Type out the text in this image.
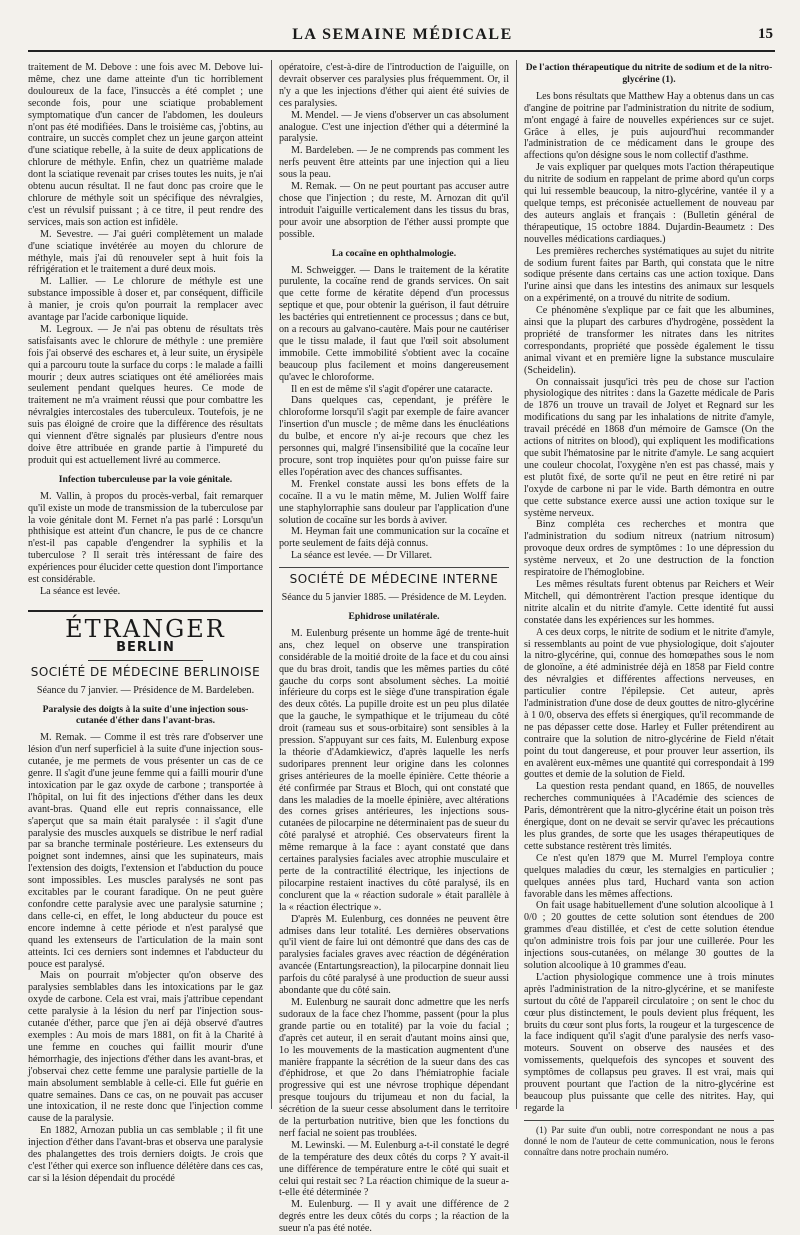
LA SEMAINE MÉDICALE	15

traitement de M. Debove : une fois avec M. Debove lui-même, chez une dame atteinte d'un tic horriblement douloureux de la face, l'insuccès a été complet ; une seconde fois, pour une sciatique probablement symptomatique d'un cancer de l'abdomen, les douleurs n'ont pas été modifiées. Dans le troisième cas, j'obtins, au contraire, un succès complet chez un jeune garçon atteint d'une sciatique rebelle, à la suite de deux applications de chlorure de méthyle. Enfin, chez un quatrième malade dont la sciatique revenait par crises toutes les nuits, je n'ai obtenu aucun résultat. Il ne faut donc pas croire que le chlorure de méthyle soit un spécifique des névralgies, c'est un révulsif puissant ; à ce titre, il peut rendre des services, mais son action est infidèle.

M. Sevestre. — J'ai guéri complètement un malade d'une sciatique invétérée au moyen du chlorure de méthyle, mais j'ai dû renouveler sept à huit fois la réfrigération et le traitement a duré deux mois.

M. Lallier. — Le chlorure de méthyle est une substance impossible à doser et, par conséquent, difficile à manier, je crois qu'on pourrait la remplacer avec avantage par l'acide carbonique liquide.

M. Legroux. — Je n'ai pas obtenu de résultats très satisfaisants avec le chlorure de méthyle : une première fois j'ai observé des eschares et, à leur suite, un érysipèle qui a parcouru toute la surface du corps : le malade a failli mourir ; deux autres sciatiques ont été améliorées mais seulement pendant quelques heures. Ce mode de traitement ne m'a vraiment réussi que pour combattre les névralgies intercostales des tuberculeux. Toutefois, je ne suis pas éloigné de croire que la différence des résultats qui viennent d'être signalés par plusieurs d'entre nous doive être attribuée en grande partie à l'impureté du produit qui est actuellement livré au commerce.

Infection tuberculeuse par la voie génitale.

M. Vallin, à propos du procès-verbal, fait remarquer qu'il existe un mode de transmission de la tuberculose par la voie génitale dont M. Fernet n'a pas parlé : Lorsqu'un phthisique est atteint d'un chancre, le pus de ce chancre n'est-il pas capable d'engendrer la syphilis et la tuberculose ? Il serait très intéressant de faire des expériences pour élucider cette question dont l'importance est considérable.

La séance est levée.

ÉTRANGER
BERLIN
SOCIÉTÉ DE MÉDECINE BERLINOISE

Séance du 7 janvier. — Présidence de M. Bardeleben.

Paralysie des doigts à la suite d'une injection sous-cutanée d'éther dans l'avant-bras.

M. Remak. — Comme il est très rare d'observer une lésion d'un nerf superficiel à la suite d'une injection sous-cutanée, je me permets de vous présenter un cas de ce genre. Il s'agit d'une jeune femme qui a failli mourir d'une intoxication par le gaz oxyde de carbone ; transportée à l'hôpital, on lui fit des injections d'éther dans les deux avant-bras. Quand elle eut repris connaissance, elle s'aperçut que sa main était paralysée : il s'agit d'une paralysie des muscles auxquels se distribue le nerf radial par sa branche terminale postérieure. Les extenseurs du poignet sont indemnes, ainsi que les supinateurs, mais l'extension des doigts, l'extension et l'abduction du pouce sont impossibles. Les muscles paralysés ne sont pas excitables par le courant faradique. On ne peut guère confondre cette paralysie avec une paralysie saturnine ; dans celle-ci, en effet, le long abducteur du pouce est encore indemne à cette période et n'est paralysé que quand les extenseurs de l'articulation de la main sont atteints. Ici ces derniers sont indemnes et l'abducteur du pouce est paralysé.

Mais on pourrait m'objecter qu'on observe des paralysies semblables dans les intoxications par le gaz oxyde de carbone. Cela est vrai, mais j'attribue cependant cette paralysie à la lésion du nerf par l'injection sous-cutanée d'éther, parce que j'en ai déjà observé d'autres exemples : Au mois de mars 1881, on fit à la Charité à une femme en couches qui faillit mourir d'une hémorrhagie, des injections d'éther dans les avant-bras, et j'observai chez cette femme une paralysie partielle de la main absolument semblable à celle-ci. Elle fut guérie en quatre semaines. Dans ce cas, on ne pouvait pas accuser une intoxication, il ne reste donc que l'injection comme cause de la paralysie.

En 1882, Arnozan publia un cas semblable ; il fit une injection d'éther dans l'avant-bras et observa une paralysie des phalangettes des trois derniers doigts. Je crois que c'est l'éther qui exerce son influence délétère dans ces cas, car si la lésion dépendait du procédé

opératoire, c'est-à-dire de l'introduction de l'aiguille, on devrait observer ces paralysies plus fréquemment. Or, il n'y a que les injections d'éther qui aient été suivies de ces paralysies.

M. Mendel. — Je viens d'observer un cas absolument analogue. C'est une injection d'éther qui a déterminé la paralysie.

M. Bardeleben. — Je ne comprends pas comment les nerfs peuvent être atteints par une injection qui a lieu sous la peau.

M. Remak. — On ne peut pourtant pas accuser autre chose que l'injection ; du reste, M. Arnozan dit qu'il introduit l'aiguille verticalement dans les tissus du bras, pour avoir une absorption de l'éther aussi prompte que possible.

La cocaïne en ophthalmologie.

M. Schweigger. — Dans le traitement de la kératite purulente, la cocaïne rend de grands services. On sait que cette forme de kératite dépend d'un processus septique et que, pour obtenir la guérison, il faut détruire les bactéries qui entretiennent ce processus ; dans ce but, on a recours au galvano-cautère. Mais pour ne cautériser que le tissu malade, il faut que l'œil soit absolument immobile. Cette immobilité s'obtient avec la cocaïne beaucoup plus facilement et moins dangereusement qu'avec le chloroforme.

Il en est de même s'il s'agit d'opérer une cataracte.

Dans quelques cas, cependant, je préfère le chloroforme lorsqu'il s'agit par exemple de faire avancer l'insertion d'un muscle ; de même dans les énucléations du bulbe, et encore n'y ai-je recours que chez les personnes qui, malgré l'insensibilité que la cocaïne leur procure, sont trop inquiètes pour qu'on puisse faire sur elles l'opération avec des chances suffisantes.

M. Frenkel constate aussi les bons effets de la cocaïne. Il a vu le matin même, M. Julien Wolff faire une staphylorraphie sans douleur par l'application d'une solution de cocaïne sur les bords à aviver.

M. Heyman fait une communication sur la cocaïne et porte seulement de faits déjà connus.

La séance est levée. — Dr Villaret.

SOCIÉTÉ DE MÉDECINE INTERNE

Séance du 5 janvier 1885. — Présidence de M. Leyden.

Ephidrose unilatérale.

M. Eulenburg présente un homme âgé de trente-huit ans, chez lequel on observe une transpiration considérable de la moitié droite de la face et du cou ainsi que du bras droit, tandis que les mêmes parties du côté gauche du corps sont absolument sèches. La moitié inférieure du corps est le siège d'une transpiration égale des deux côtés. La pupille droite est un peu plus dilatée que la gauche, le sympathique et le trijumeau du côté droit (rameau sus et sous-orbitaire) sont sensibles à la pression. S'appuyant sur ces faits, M. Eulenburg expose la théorie d'Adamkiewicz, d'après laquelle les nerfs sudoripares prennent leur origine dans les colonnes grises antérieures de la moelle épinière. Cette théorie a été confirmée par Straus et Bloch, qui ont constaté que dans les maladies de la moelle épinière, avec altérations des cornes grises antérieures, les injections sous-cutanées de pilocarpine ne déterminaient pas de sueur du côté paralysé et atrophié. Ces observateurs firent la même remarque à la face : ayant constaté que dans certaines paralysies faciales avec atrophie musculaire et perte de la contractilité électrique, les injections de pilocarpine restaient inactives du côté paralysé, ils en conclurent que la « réaction sudorale » était parallèle à la « réaction électrique ».

D'après M. Eulenburg, ces données ne peuvent être admises dans leur totalité. Les dernières observations qu'il vient de faire lui ont démontré que dans des cas de paralysies faciales graves avec réaction de dégénération avancée (Entartungsreaction), la pilocarpine donnait lieu parfois du côté paralysé à une production de sueur aussi abondante que du côté sain.

M. Eulenburg ne saurait donc admettre que les nerfs sudoraux de la face chez l'homme, passent (pour la plus grande partie ou en totalité) par la voie du facial ; d'après cet auteur, il en serait d'autant moins ainsi que, 1o les mouvements de la mastication augmentent d'une manière frappante la sécrétion de la sueur dans des cas d'éphidrose, et que 2o dans l'hémiatrophie faciale progressive qui est une névrose trophique dépendant presque toujours du trijumeau et non du facial, la sécrétion de la sueur cesse absolument dans le territoire de la perturbation nutritive, bien que les fonctions du nerf facial ne soient pas troublées.

M. Lewinski. — M. Eulenburg a-t-il constaté le degré de la température des deux côtés du corps ? Y avait-il une différence de température entre le côté qui suait et celui qui restait sec ? La réaction chimique de la sueur a-t-elle été déterminée ?

M. Eulenburg. — Il y avait une différence de 2 degrés entre les deux côtés du corps ; la réaction de la sueur n'a pas été notée.

De l'action thérapeutique du nitrite de sodium et de la nitro-glycérine (1).

Les bons résultats que Matthew Hay a obtenus dans un cas d'angine de poitrine par l'administration du nitrite de sodium, m'ont engagé à faire de nouvelles expériences sur ce sujet. Grâce à elles, je puis aujourd'hui recommander l'administration de ce médicament dans le groupe des affections qu'on désigne sous le nom collectif d'asthme.

Je vais expliquer par quelques mots l'action thérapeutique du nitrite de sodium en rappelant de prime abord qu'un corps qui lui ressemble beaucoup, la nitro-glycérine, vantée il y a quelque temps, est préconisée actuellement de nouveau par des auteurs anglais et français : (Bulletin général de thérapeutique, 15 octobre 1884. Dujardin-Beaumetz : Des nouvelles médications cardiaques.)

Les premières recherches systématiques au sujet du nitrite de sodium furent faites par Barth, qui constata que le nitre sodique présente dans certains cas une action toxique. Dans l'urine ainsi que dans les intestins des animaux sur lesquels on a expérimenté, on a trouvé du nitrite de sodium.

Ce phénomène s'explique par ce fait que les albumines, ainsi que la plupart des carbures d'hydrogène, possèdent la propriété de transformer les nitrates dans les nitrites correspondants, propriété que possède également le tissu animal vivant et en première ligne la substance musculaire (Scheidelin).

On connaissait jusqu'ici très peu de chose sur l'action physiologique des nitrites : dans la Gazette médicale de Paris de 1876 un trouve un travail de Jolyet et Regnard sur les modifications du sang par les inhalations de nitrite d'amyle, travail précédé en 1868 d'un mémoire de Gamsce (On the actions of nitrites on blood), qui expliquent les modifications que subit l'hématosine par le nitrite d'amyle. Le sang acquiert une couleur chocolat, l'oxygène n'en est pas chassé, mais y est plutôt fixé, de sorte qu'il ne peut en être retiré ni par l'oxyde de carbone ni par le vide. Barth démontra en outre que cette substance exerce aussi une action toxique sur le système nerveux.

Binz compléta ces recherches et montra que l'administration du sodium nitreux (natrium nitrosum) provoque deux ordres de symptômes : 1o une dépression du système nerveux, et 2o une destruction de la fonction respiratoire de l'hémoglobine.

Les mêmes résultats furent obtenus par Reichers et Weir Mitchell, qui démontrèrent l'action presque identique du nitrite alcalin et du nitrite d'amyle. Cette identité fut aussi constatée dans les expériences sur les hommes.

A ces deux corps, le nitrite de sodium et le nitrite d'amyle, si ressemblants au point de vue physiologique, doit s'ajouter la nitro-glycérine, qui, connue des homœpathes sous le nom de glonoïne, a été administrée déjà en 1858 par Field contre des névralgies et différentes affections nerveuses, en particulier contre l'épilepsie. Cet auteur, après l'administration d'une dose de deux gouttes de nitro-glycérine à 1 0/0, observa des effets si énergiques, qu'il recommande de ne pas dépasser cette dose. Harley et Fuller prétendirent au contraire que la solution de nitro-glycérine de Field n'était point du tout dangereuse, et pour prouver leur assertion, ils en avalèrent eux-mêmes une quantité qui correspondait à 199 gouttes et demie de la solution de Field.

La question resta pendant quand, en 1865, de nouvelles recherches communiquées à l'Académie des sciences de Paris, démontrèrent que la nitro-glycérine était un poison très énergique, dont on ne devait se servir qu'avec les précautions les plus grandes, de sorte que les usages thérapeutiques de cette substance restèrent très limités.

Ce n'est qu'en 1879 que M. Murrel l'employa contre quelques maladies du cœur, les sternalgies en particulier ; quelques années plus tard, Huchard vanta son action favorable dans les mêmes affections.

On fait usage habituellement d'une solution alcoolique à 1 0/0 ; 20 gouttes de cette solution sont étendues de 200 grammes d'eau distillée, et c'est de cette solution étendue qu'on administre trois fois par jour une cuillerée. Pour les injections sous-cutanées, on mélange 30 gouttes de la solution alcoolique à 10 grammes d'eau.

L'action physiologique commence une à trois minutes après l'administration de la nitro-glycérine, et se manifeste surtout du côté de l'appareil circulatoire ; on sent le choc du cœur plus distinctement, le pouls devient plus fréquent, les bruits du cœur sont plus forts, la rougeur et la turgescence de la face indiquent qu'il s'agit d'une paralysie des nerfs vaso-moteurs. Souvent on observe des nausées et des vomissements, quelquefois des syncopes et souvent des symptômes de collapsus peu graves. Il est vrai, mais qui prouvent pourtant que l'action de la nitro-glycérine est beaucoup plus puissante que celle des nitrites. Hay, qui regarde la

(1) Par suite d'un oubli, notre correspondant ne nous a pas donné le nom de l'auteur de cette communication, nous le ferons connaître dans notre prochain numéro.
